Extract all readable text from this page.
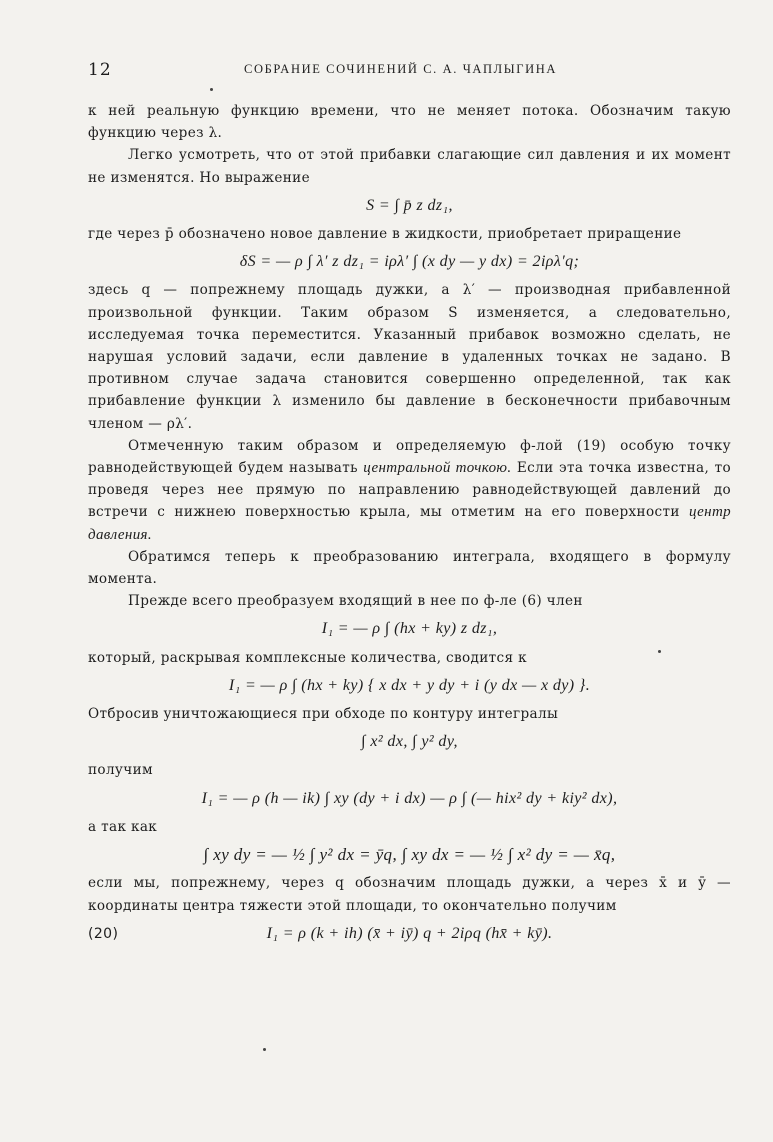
12	СОБРАНИЕ СОЧИНЕНИЙ С. А. ЧАПЛЫГИНА

к ней реальную функцию времени, что не меняет потока. Обозначим такую функцию через λ.

Легко усмотреть, что от этой прибавки слагающие сил давления и их момент не изменятся. Но выражение

S = ∫ p̄ z dz₁,

где через p̄ обозначено новое давление в жидкости, приобретает приращение

δS = — ρ ∫ λ′ z dz₁ = iρλ′ ∫ (x dy — y dx) = 2iρλ′q;

здесь q — попрежнему площадь дужки, а λ′ — производная прибавленной произвольной функции. Таким образом S изменяется, а следовательно, исследуемая точка переместится. Указанный прибавок возможно сделать, не нарушая условий задачи, если давление в удаленных точках не задано. В противном случае задача становится совершенно определенной, так как прибавление функции λ изменило бы давление в бесконечности прибавочным членом — ρλ′.

Отмеченную таким образом и определяемую ф-лой (19) особую точку равнодействующей будем называть центральной точкою. Если эта точка известна, то проведя через нее прямую по направлению равнодействующей давлений до встречи с нижнею поверхностью крыла, мы отметим на его поверхности центр давления.

Обратимся теперь к преобразованию интеграла, входящего в формулу момента.

Прежде всего преобразуем входящий в нее по ф-ле (6) член

I₁ = — ρ ∫ (hx + ky) z dz₁,

который, раскрывая комплексные количества, сводится к

I₁ = — ρ ∫ (hx + ky) { x dx + y dy + i (y dx — x dy) }.

Отбросив уничтожающиеся при обходе по контуру интегралы

∫ x² dx, ∫ y² dy,

получим

I₁ = — ρ (h — ik) ∫ xy (dy + i dx) — ρ ∫ (— hix² dy + kiy² dx),

а так как

∫ xy dy = — ½ ∫ y² dx = ȳq, ∫ xy dx = — ½ ∫ x² dy = — x̄q,

если мы, попрежнему, через q обозначим площадь дужки, а через x̄ и ȳ — координаты центра тяжести этой площади, то окончательно получим

(20)	I₁ = ρ (k + ih) (x̄ + iȳ) q + 2iρq (hx̄ + kȳ).
